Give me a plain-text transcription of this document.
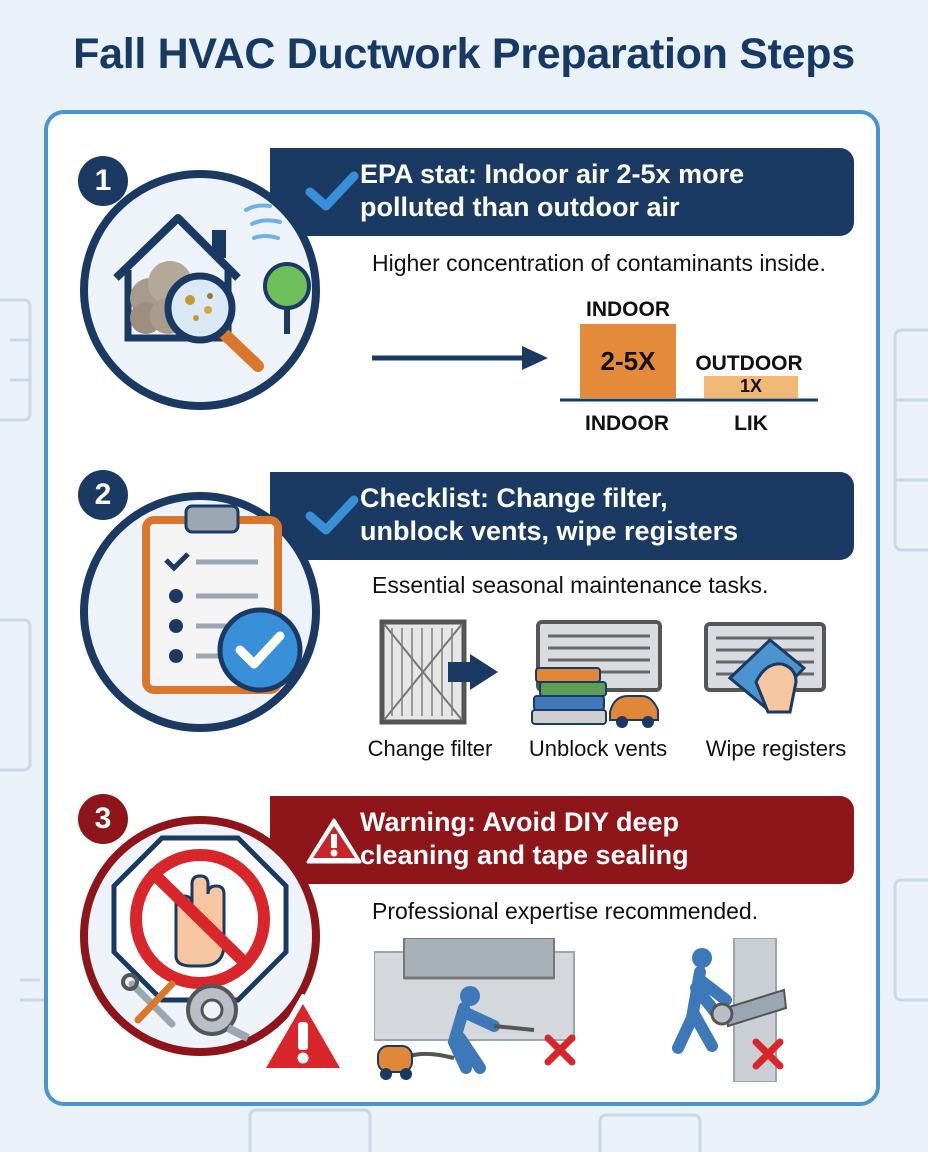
Fall HVAC Ductwork Preparation Steps
EPA stat: Indoor air 2-5x more
polluted than outdoor air
1
Higher concentration of contaminants inside.
INDOOR
2-5X	OUTDOOR
1X
INDOOR	LIK
Checklist: Change filter,
unblock vents, wipe registers
2
Essential seasonal maintenance tasks.
Change filter	Unblock vents	Wipe registers
Warning: Avoid DIY deep
cleaning and tape sealing
3
Professional expertise recommended.
